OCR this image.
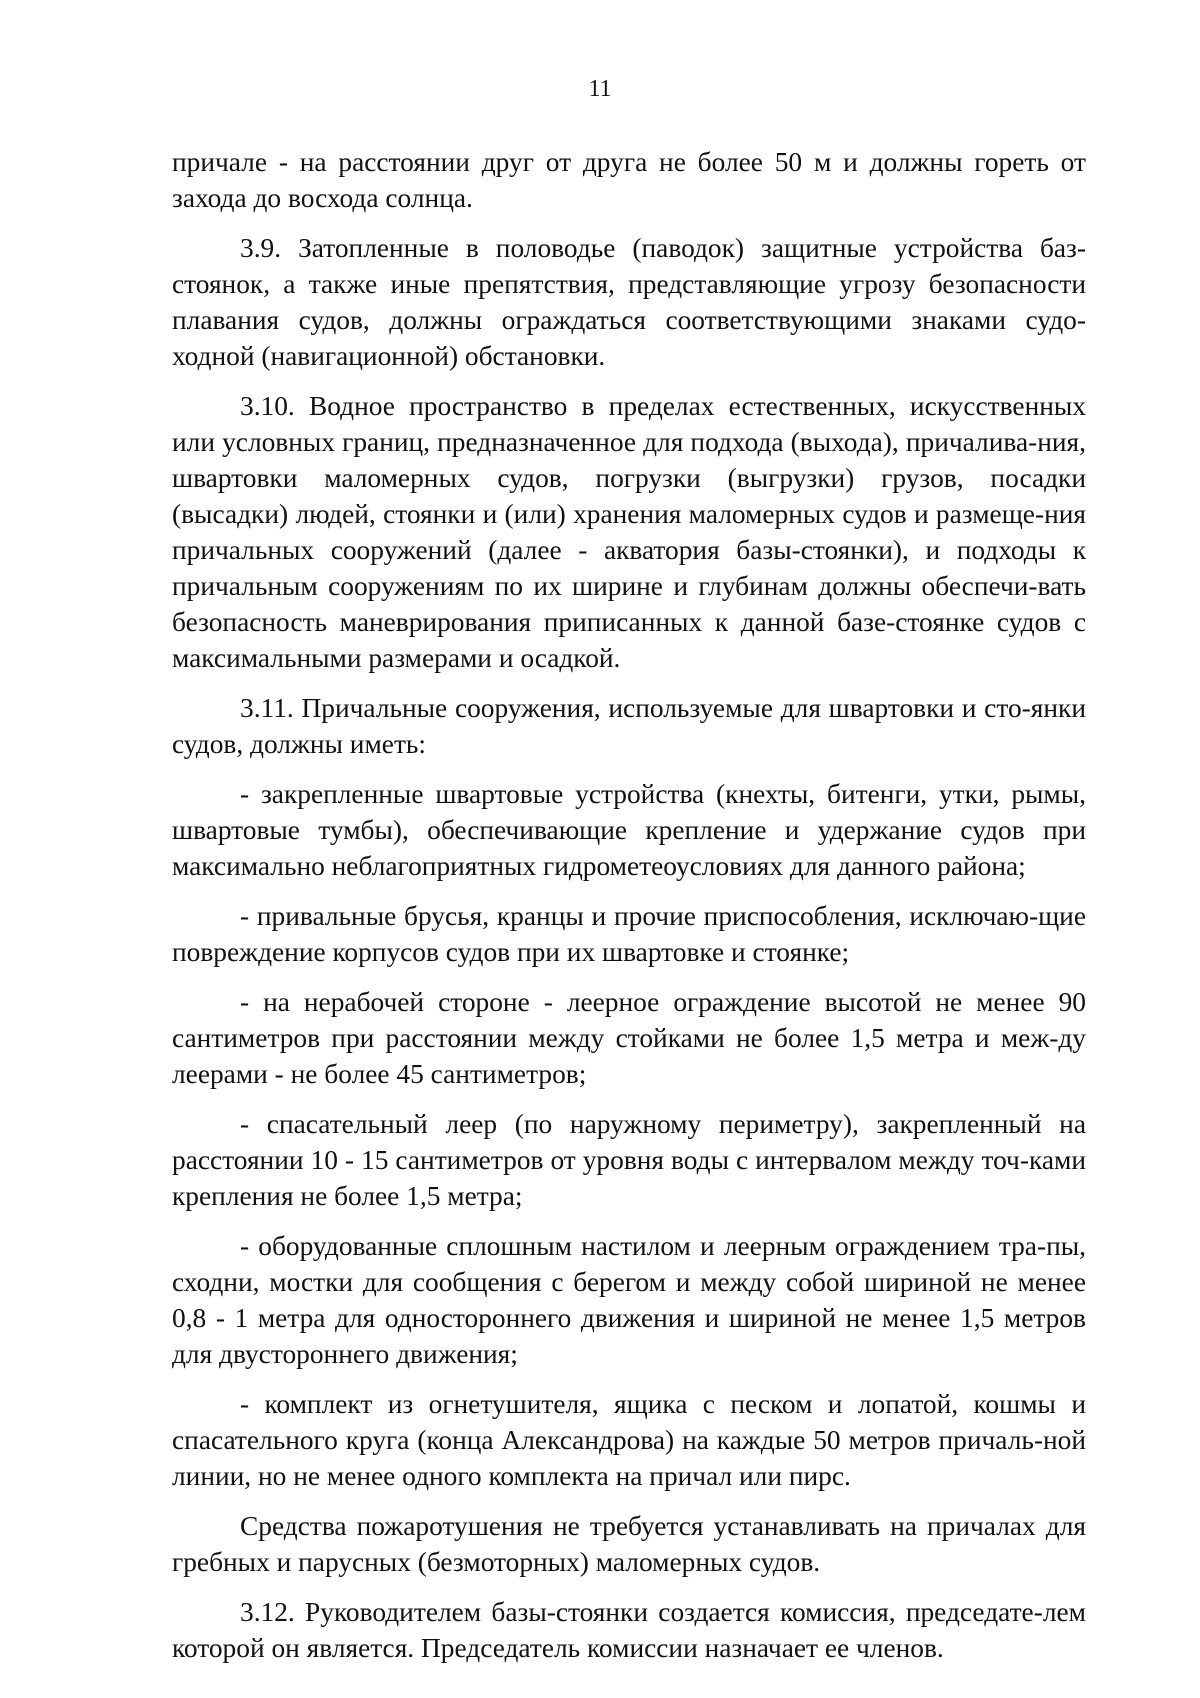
11

причале - на расстоянии друг от друга не более 50 м и должны гореть от захода до восхода солнца.

3.9. Затопленные в половодье (паводок) защитные устройства баз-стоянок, а также иные препятствия, представляющие угрозу безопасности плавания судов, должны ограждаться соответствующими знаками судо-ходной (навигационной) обстановки.

3.10. Водное пространство в пределах естественных, искусственных или условных границ, предназначенное для подхода (выхода), причалива-ния, швартовки маломерных судов, погрузки (выгрузки) грузов, посадки (высадки) людей, стоянки и (или) хранения маломерных судов и размеще-ния причальных сооружений (далее - акватория базы-стоянки), и подходы к причальным сооружениям по их ширине и глубинам должны обеспечи-вать безопасность маневрирования приписанных к данной базе-стоянке судов с максимальными размерами и осадкой.

3.11. Причальные сооружения, используемые для швартовки и сто-янки судов, должны иметь:

- закрепленные швартовые устройства (кнехты, битенги, утки, рымы, швартовые тумбы), обеспечивающие крепление и удержание судов при максимально неблагоприятных гидрометеоусловиях для данного района;

- привальные брусья, кранцы и прочие приспособления, исключаю-щие повреждение корпусов судов при их швартовке и стоянке;

- на нерабочей стороне - леерное ограждение высотой не менее 90 сантиметров при расстоянии между стойками не более 1,5 метра и меж-ду леерами - не более 45 сантиметров;

- спасательный леер (по наружному периметру), закрепленный на расстоянии 10 - 15 сантиметров от уровня воды с интервалом между точ-ками крепления не более 1,5 метра;

- оборудованные сплошным настилом и леерным ограждением тра-пы, сходни, мостки для сообщения с берегом и между собой шириной не менее 0,8 - 1 метра для одностороннего движения и шириной не менее 1,5 метров для двустороннего движения;

- комплект из огнетушителя, ящика с песком и лопатой, кошмы и спасательного круга (конца Александрова) на каждые 50 метров причаль-ной линии, но не менее одного комплекта на причал или пирс.

Средства пожаротушения не требуется устанавливать на причалах для гребных и парусных (безмоторных) маломерных судов.

3.12. Руководителем базы-стоянки создается комиссия, председате-лем которой он является. Председатель комиссии назначает ее членов.
